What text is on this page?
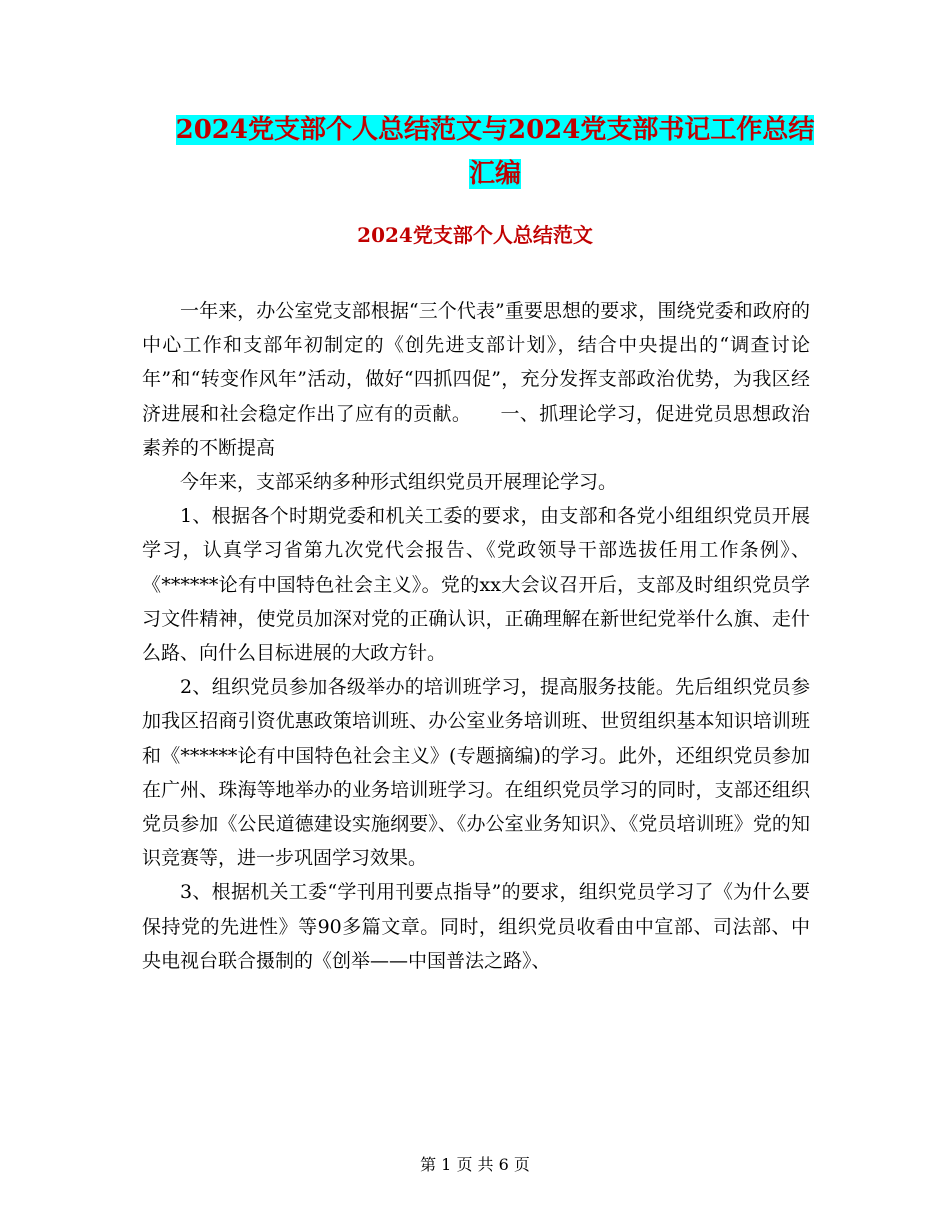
2024党支部个人总结范文与2024党支部书记工作总结
汇编
2024党支部个人总结范文

一年来，办公室党支部根据“三个代表”重要思想的要求，围绕党委和政府的中心工作和支部年初制定的《创先进支部计划》，结合中央提出的“调查讨论年”和“转变作风年”活动，做好“四抓四促”，充分发挥支部政治优势，为我区经济进展和社会稳定作出了应有的贡献。　　一、抓理论学习，促进党员思想政治素养的不断提高

今年来，支部采纳多种形式组织党员开展理论学习。

1、根据各个时期党委和机关工委的要求，由支部和各党小组组织党员开展学习，认真学习省第九次党代会报告、《党政领导干部选拔任用工作条例》、《******论有中国特色社会主义》。党的xx大会议召开后，支部及时组织党员学习文件精神，使党员加深对党的正确认识，正确理解在新世纪党举什么旗、走什么路、向什么目标进展的大政方针。

2、组织党员参加各级举办的培训班学习，提高服务技能。先后组织党员参加我区招商引资优惠政策培训班、办公室业务培训班、世贸组织基本知识培训班和《******论有中国特色社会主义》(专题摘编)的学习。此外，还组织党员参加在广州、珠海等地举办的业务培训班学习。在组织党员学习的同时，支部还组织党员参加《公民道德建设实施纲要》、《办公室业务知识》、《党员培训班》党的知识竞赛等，进一步巩固学习效果。

3、根据机关工委“学刊用刊要点指导”的要求，组织党员学习了《为什么要保持党的先进性》等90多篇文章。同时，组织党员收看由中宣部、司法部、中央电视台联合摄制的《创举——中国普法之路》、

第 1 页 共 6 页
